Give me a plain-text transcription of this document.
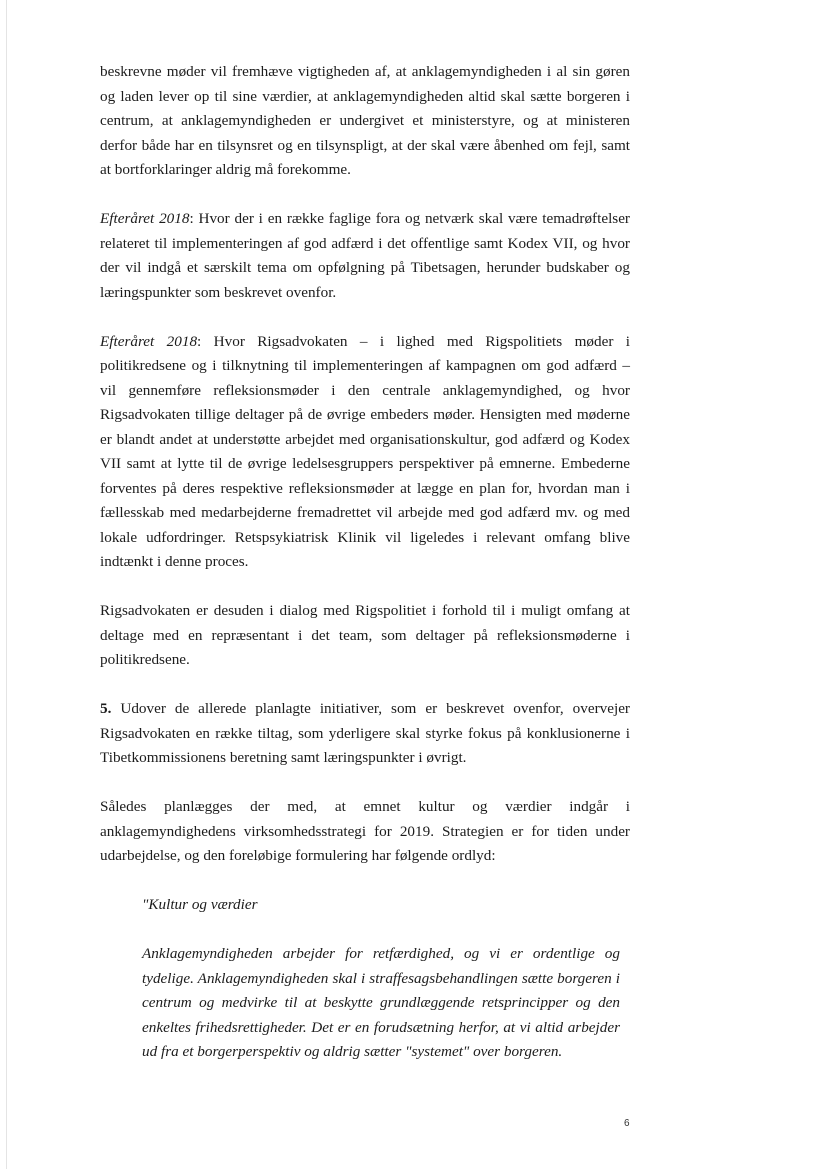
beskrevne møder vil fremhæve vigtigheden af, at anklagemyndigheden i al sin gøren og laden lever op til sine værdier, at anklagemyndigheden altid skal sætte borgeren i centrum, at anklagemyndigheden er undergivet et ministerstyre, og at ministeren derfor både har en tilsynsret og en tilsynspligt, at der skal være åbenhed om fejl, samt at bortforklaringer aldrig må forekomme.

Efteråret 2018: Hvor der i en række faglige fora og netværk skal være temadrøftelser relateret til implementeringen af god adfærd i det offentlige samt Kodex VII, og hvor der vil indgå et særskilt tema om opfølgning på Tibetsagen, herunder budskaber og læringspunkter som beskrevet ovenfor.

Efteråret 2018: Hvor Rigsadvokaten – i lighed med Rigspolitiets møder i politikredsene og i tilknytning til implementeringen af kampagnen om god adfærd – vil gennemføre refleksionsmøder i den centrale anklagemyndighed, og hvor Rigsadvokaten tillige deltager på de øvrige embeders møder. Hensigten med møderne er blandt andet at understøtte arbejdet med organisationskultur, god adfærd og Kodex VII samt at lytte til de øvrige ledelsesgruppers perspektiver på emnerne. Embederne forventes på deres respektive refleksionsmøder at lægge en plan for, hvordan man i fællesskab med medarbejderne fremadrettet vil arbejde med god adfærd mv. og med lokale udfordringer. Retspsykiatrisk Klinik vil ligeledes i relevant omfang blive indtænkt i denne proces.

Rigsadvokaten er desuden i dialog med Rigspolitiet i forhold til i muligt omfang at deltage med en repræsentant i det team, som deltager på refleksionsmøderne i politikredsene.

5. Udover de allerede planlagte initiativer, som er beskrevet ovenfor, overvejer Rigsadvokaten en række tiltag, som yderligere skal styrke fokus på konklusionerne i Tibetkommissionens beretning samt læringspunkter i øvrigt.

Således planlægges der med, at emnet kultur og værdier indgår i anklagemyndighedens virksomhedsstrategi for 2019. Strategien er for tiden under udarbejdelse, og den foreløbige formulering har følgende ordlyd:

"Kultur og værdier

Anklagemyndigheden arbejder for retfærdighed, og vi er ordentlige og tydelige. Anklagemyndigheden skal i straffesagsbehandlingen sætte borgeren i centrum og medvirke til at beskytte grundlæggende retsprincipper og den enkeltes frihedsrettigheder. Det er en forudsætning herfor, at vi altid arbejder ud fra et borgerperspektiv og aldrig sætter "systemet" over borgeren.

6
